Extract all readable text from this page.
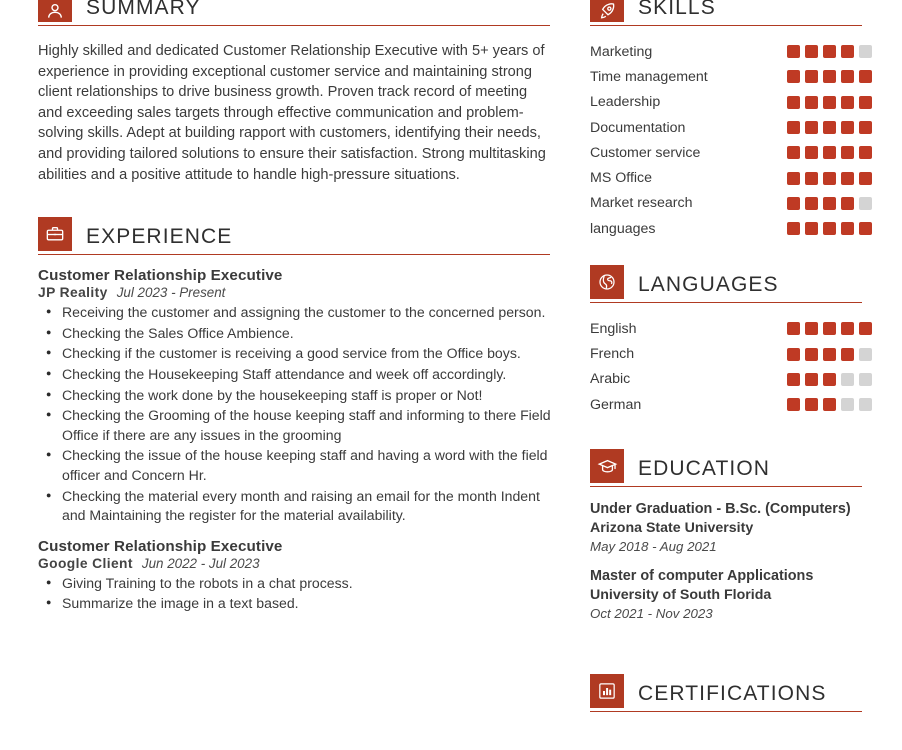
SUMMARY

Highly skilled and dedicated Customer Relationship Executive with 5+ years of experience in providing exceptional customer service and maintaining strong client relationships to drive business growth. Proven track record of meeting and exceeding sales targets through effective communication and problem-solving skills. Adept at building rapport with customers, identifying their needs, and providing tailored solutions to ensure their satisfaction. Strong multitasking abilities and a positive attitude to handle high-pressure situations.

EXPERIENCE
Customer Relationship Executive
JP Reality Jul 2023 - Present
● Receiving the customer and assigning the customer to the concerned person.
● Checking the Sales Office Ambience.
● Checking if the customer is receiving a good service from the Office boys.
● Checking the Housekeeping Staff attendance and week off accordingly.
● Checking the work done by the housekeeping staff is proper or Not!
● Checking the Grooming of the house keeping staff and informing to there Field Office if there are any issues in the grooming
● Checking the issue of the house keeping staff and having a word with the field officer and Concern Hr.
● Checking the material every month and raising an email for the month Indent and Maintaining the register for the material availability.
Customer Relationship Executive
Google Client Jun 2022 - Jul 2023
● Giving Training to the robots in a chat process.
● Summarize the image in a text based.
SKILLS
Marketing
Time management
Leadership
Documentation
Customer service
MS Office
Market research
languages
LANGUAGES
English
French
Arabic
German
EDUCATION
Under Graduation - B.Sc. (Computers)
Arizona State University
May 2018 - Aug 2021
Master of computer Applications
University of South Florida
Oct 2021 - Nov 2023
CERTIFICATIONS
